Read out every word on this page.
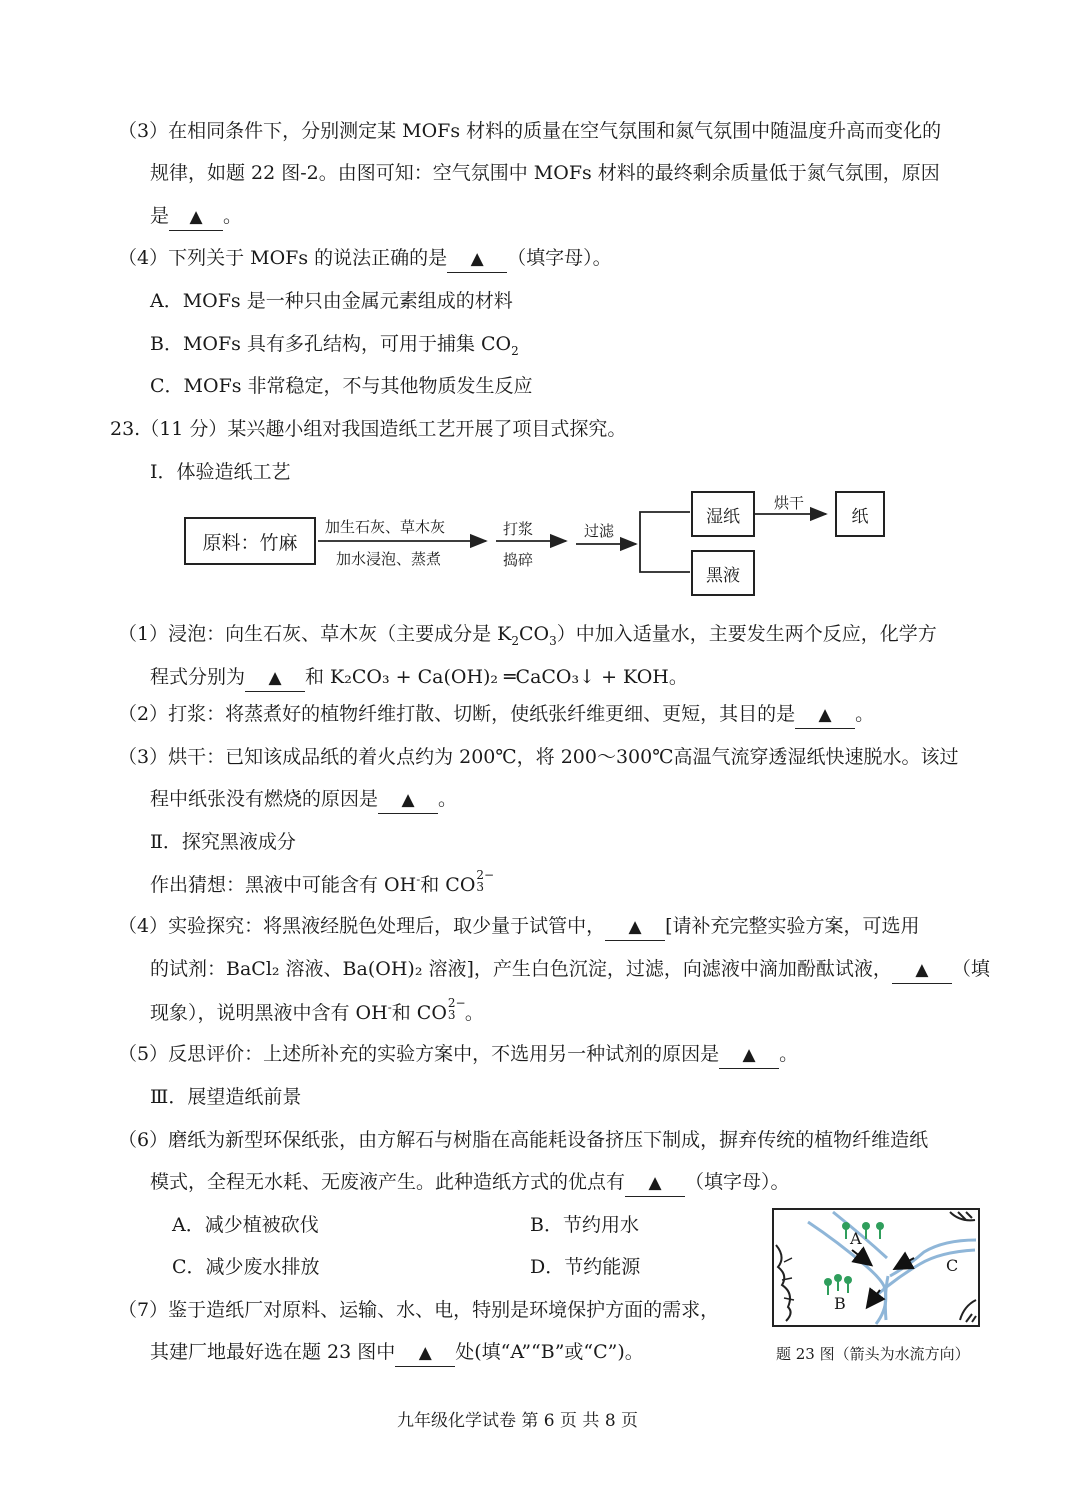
（3）在相同条件下，分别测定某 MOFs 材料的质量在空气氛围和氮气氛围中随温度升高而变化的
规律，如题 22 图-2。由图可知：空气氛围中 MOFs 材料的最终剩余质量低于氮气氛围，原因
是 ▲ 。
（4）下列关于 MOFs 的说法正确的是 ▲ （填字母）。
A．MOFs 是一种只由金属元素组成的材料
B．MOFs 具有多孔结构，可用于捕集 $CO_2$
C．MOFs 非常稳定，不与其他物质发生反应
23.（11 分）某兴趣小组对我国造纸工艺开展了项目式探究。
Ⅰ．体验造纸工艺
原料：竹麻
加生石灰、草木灰
加水浸泡、蒸煮
打浆
捣碎
过滤
湿纸
烘干
纸
黑液
（1）浸泡：向生石灰、草木灰（主要成分是 $K_2CO_3$）中加入适量水，主要发生两个反应，化学方
程式分别为 ▲ 和 K₂CO₃ + Ca(OH)₂ ═CaCO₃↓ + KOH。
（2）打浆：将蒸煮好的植物纤维打散、切断，使纸张纤维更细、更短，其目的是 ▲ 。
（3）烘干：已知该成品纸的着火点约为 200℃，将 200～300℃高温气流穿透湿纸快速脱水。该过
程中纸张没有燃烧的原因是 ▲ 。
Ⅱ．探究黑液成分
作出猜想：黑液中可能含有 OH-和 CO 2−
3
（4）实验探究：将黑液经脱色处理后，取少量于试管中， ▲ [请补充完整实验方案，可选用
的试剂：BaCl₂ 溶液、Ba(OH)₂ 溶液]，产生白色沉淀，过滤，向滤液中滴加酚酞试液， ▲ （填
现象），说明黑液中含有 OH-和 CO 2−
3 。
（5）反思评价：上述所补充的实验方案中，不选用另一种试剂的原因是 ▲ 。
Ⅲ．展望造纸前景
（6）磨纸为新型环保纸张，由方解石与树脂在高能耗设备挤压下制成，摒弃传统的植物纤维造纸
模式，全程无水耗、无废液产生。此种造纸方式的优点有 ▲ （填字母）。
A．减少植被砍伐	B．节约用水
C．减少废水排放	D．节约能源
（7）鉴于造纸厂对原料、运输、水、电，特别是环境保护方面的需求，
其建厂地最好选在题 23 图中 ▲ 处(填“A”“B”或“C”)。
A
B
C
题 23 图（箭头为水流方向）
九年级化学试卷 第 6 页 共 8 页
